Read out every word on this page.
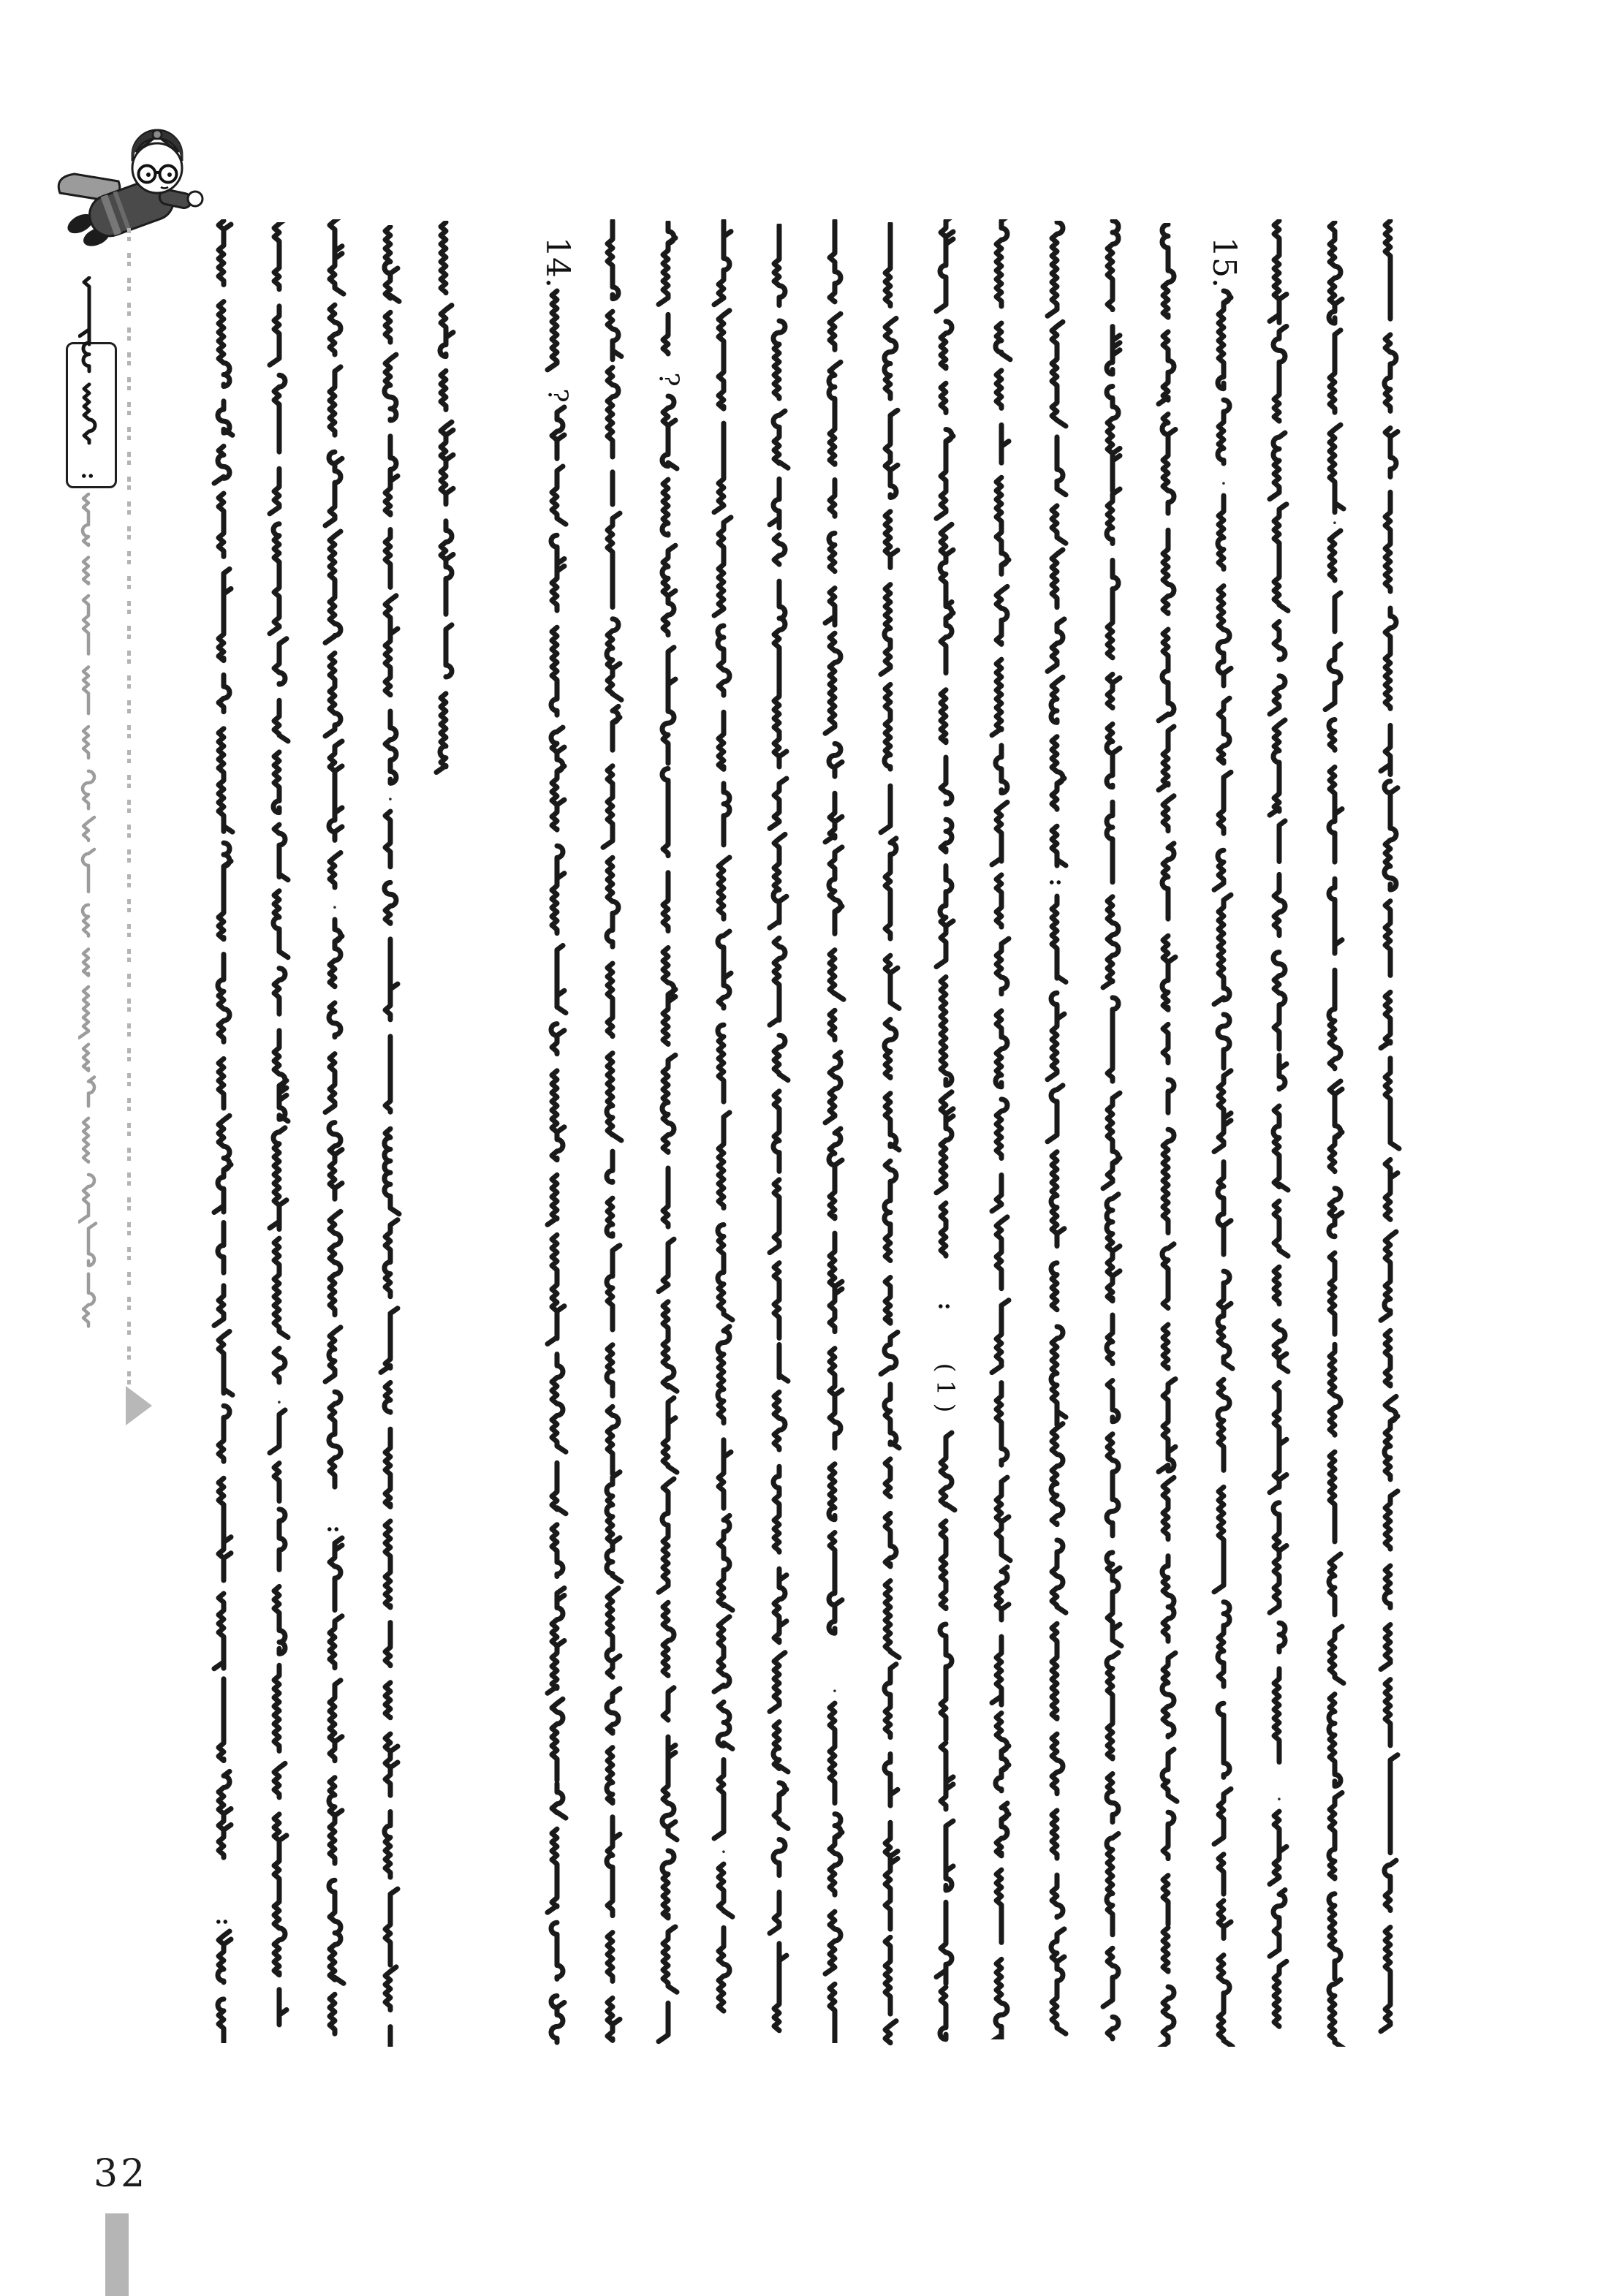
:
:
·
·
:
·
14.
?
?
·
·
:
( 1 )
:
15.
·
·
·
32
